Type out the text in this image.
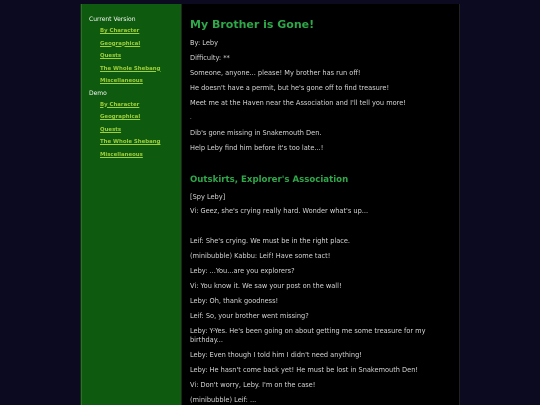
Current Version
By Character
Geographical
Quests
The Whole Shebang
Miscellaneous
Demo
By Character
Geographical
Quests
The Whole Shebang
Miscellaneous
My Brother is Gone!

By: Leby

Difficulty: **

Someone, anyone... please! My brother has run off!

He doesn't have a permit, but he's gone off to find treasure!

Meet me at the Haven near the Association and I'll tell you more!

-

Dib's gone missing in Snakemouth Den.

Help Leby find him before it's too late...!

Outskirts, Explorer's Association

[Spy Leby]

Vi: Geez, she's crying really hard. Wonder what's up...

Leif: She's crying. We must be in the right place.

(minibubble) Kabbu: Leif! Have some tact!

Leby: ...You...are you explorers?

Vi: You know it. We saw your post on the wall!

Leby: Oh, thank goodness!

Leif: So, your brother went missing?

Leby: Y-Yes. He's been going on about getting me some treasure for my birthday...

Leby: Even though I told him I didn't need anything!

Leby: He hasn't come back yet! He must be lost in Snakemouth Den!

Vi: Don't worry, Leby. I'm on the case!

(minibubble) Leif: ...
